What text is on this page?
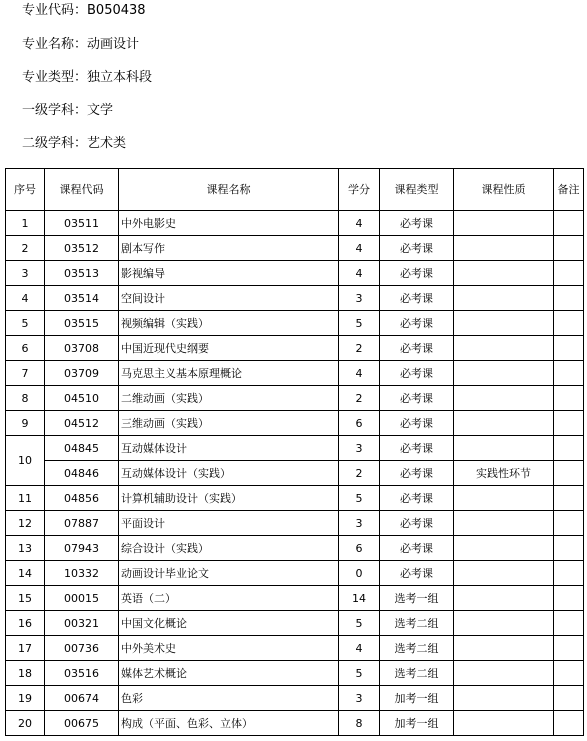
专业代码：B050438
专业名称：动画设计
专业类型：独立本科段
一级学科：文学
二级学科：艺术类
序号	课程代码	课程名称	学分	课程类型	课程性质	备注
1	03511	中外电影史	4	必考课		
2	03512	剧本写作	4	必考课		
3	03513	影视编导	4	必考课		
4	03514	空间设计	3	必考课		
5	03515	视频编辑（实践）	5	必考课		
6	03708	中国近现代史纲要	2	必考课		
7	03709	马克思主义基本原理概论	4	必考课		
8	04510	二维动画（实践）	2	必考课		
9	04512	三维动画（实践）	6	必考课		
10	04845	互动媒体设计	3	必考课		
	04846	互动媒体设计（实践）	2	必考课	实践性环节	
11	04856	计算机辅助设计（实践）	5	必考课		
12	07887	平面设计	3	必考课		
13	07943	综合设计（实践）	6	必考课		
14	10332	动画设计毕业论文	0	必考课		
15	00015	英语（二）	14	选考一组		
16	00321	中国文化概论	5	选考二组		
17	00736	中外美术史	4	选考二组		
18	03516	媒体艺术概论	5	选考二组		
19	00674	色彩	3	加考一组		
20	00675	构成（平面、色彩、立体）	8	加考一组		
